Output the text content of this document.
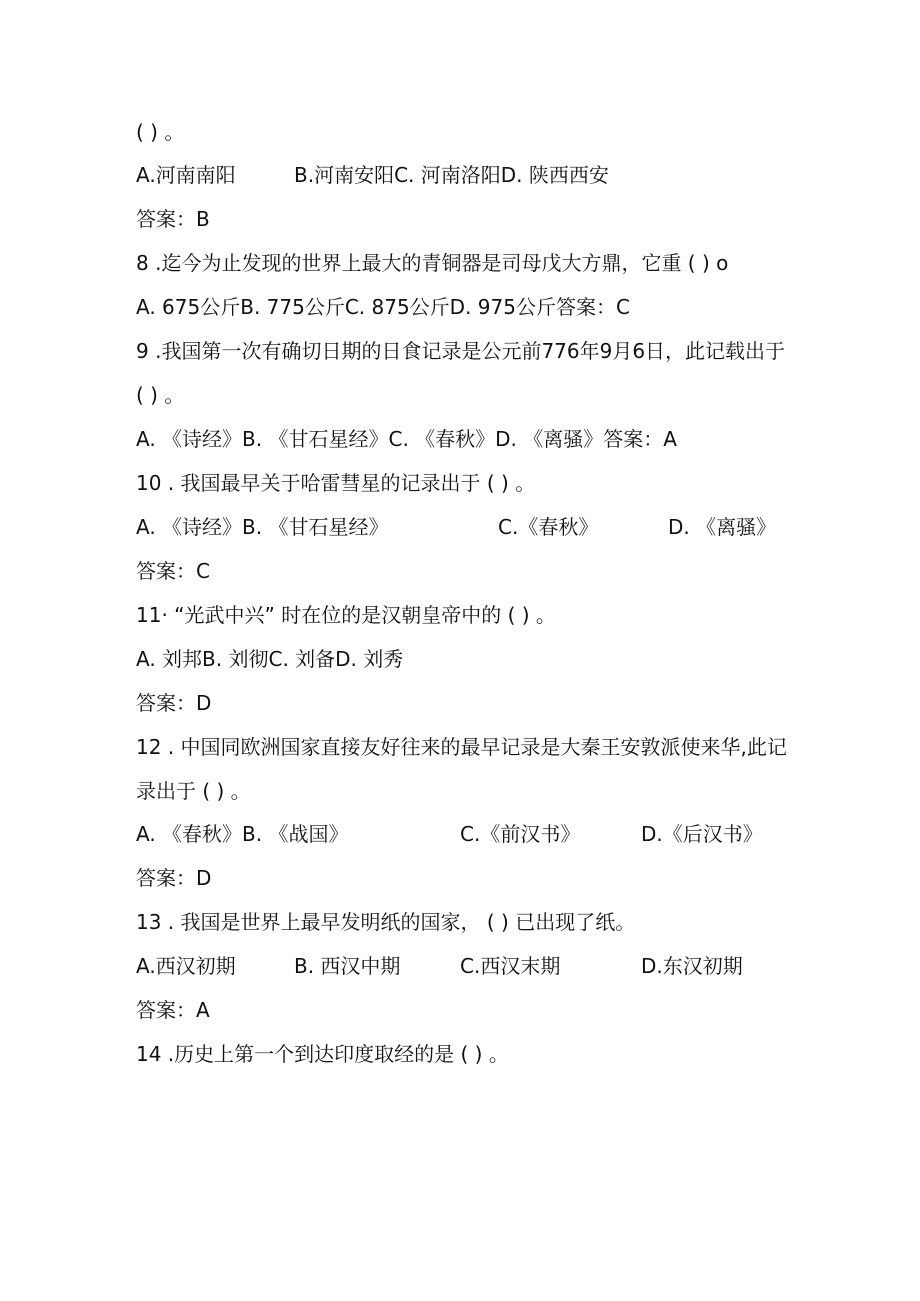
( ) 。
A.河南南阳	B.河南安阳C. 河南洛阳D. 陕西西安
答案：B
8 .迄今为止发现的世界上最大的青铜器是司母戊大方鼎，它重 ( ) o
A. 675公斤B. 775公斤C. 875公斤D. 975公斤答案：C
9 .我国第一次有确切日期的日食记录是公元前776年9月6日，此记载出于
( ) 。
A. 《诗经》B. 《甘石星经》C. 《春秋》D. 《离骚》答案：A
10 . 我国最早关于哈雷彗星的记录出于 ( ) 。
A. 《诗经》B. 《甘石星经》	C.《春秋》	D. 《离骚》
答案：C
11· “光武中兴” 时在位的是汉朝皇帝中的 ( ) 。
A. 刘邦B. 刘彻C. 刘备D. 刘秀
答案：D
12 . 中国同欧洲国家直接友好往来的最早记录是大秦王安敦派使来华,此记
录出于 ( ) 。
A. 《春秋》B. 《战国》	C.《前汉书》	D.《后汉书》
答案：D
13 . 我国是世界上最早发明纸的国家， ( ) 已出现了纸。
A.西汉初期	B. 西汉中期	C.西汉末期	D.东汉初期
答案：A
14 .历史上第一个到达印度取经的是 ( ) 。
